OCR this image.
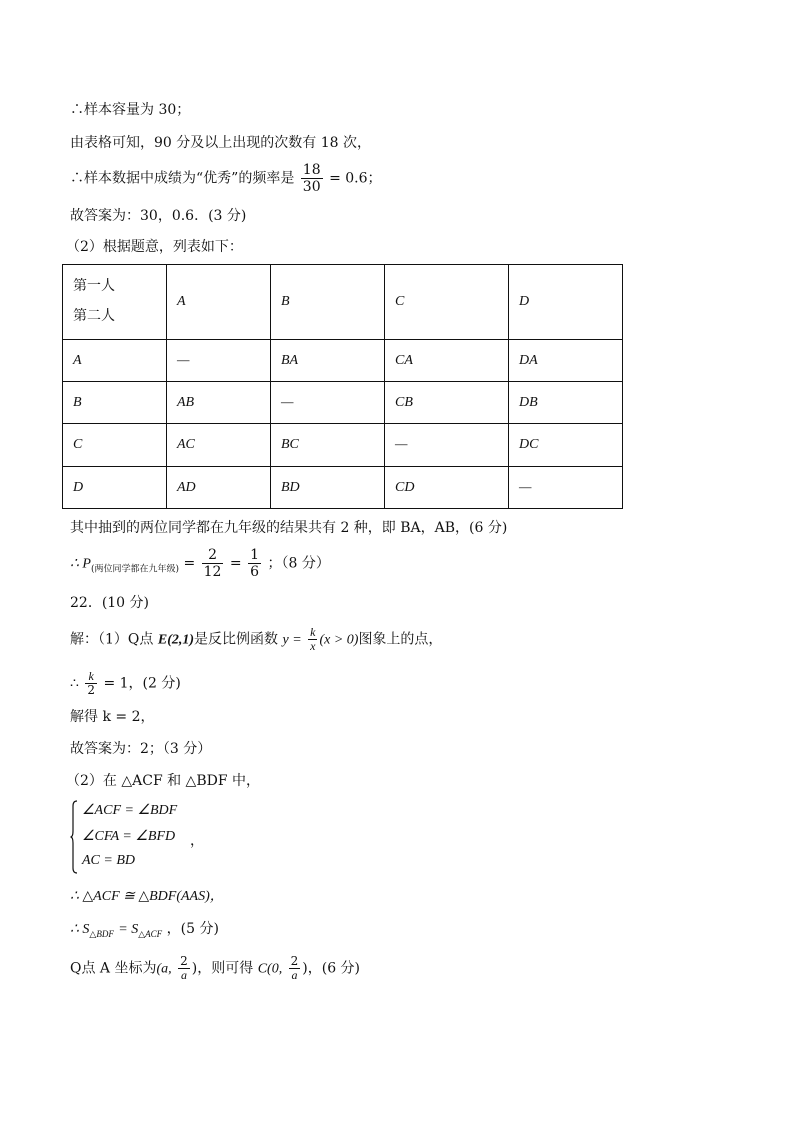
∴样本容量为 30；
由表格可知，90 分及以上出现的次数有 18 次，
∴样本数据中成绩为“优秀”的频率是 $\frac{18}{30} = 0.6$；
故答案为：30，0.6．(3 分)
（2）根据题意，列表如下：
第一人
第二人	A	B	C	D
A	—	BA	CA	DA
B	AB	—	CB	DB
C	AC	BC	—	DC
D	AD	BD	CD	—
其中抽到的两位同学都在九年级的结果共有 2 种，即 BA，AB，(6 分)
∴ $P_{(两位同学都在九年级)} = \frac{2}{12} = \frac{1}{6}$ ；（8 分）
22．(10 分)
解：（1）Q点 E(2,1)是反比例函数 $y = \frac{k}{x} (x > 0)$图象上的点，
∴ $\frac{k}{2} = 1$，(2 分)
解得 k = 2，
故答案为：2；（3 分）
（2）在 △ACF 和 △BDF 中，
∠ACF = ∠BDF
∠CFA = ∠BFD
AC = BD
，
∴ △ACF ≅ △BDF(AAS)，
∴ $S_{\triangle BDF} = S_{\triangle ACF}$ ，(5 分)
Q点 A 坐标为(a, $\frac{2}{a}$ )，则可得 C(0, $\frac{2}{a}$ )，(6 分)
